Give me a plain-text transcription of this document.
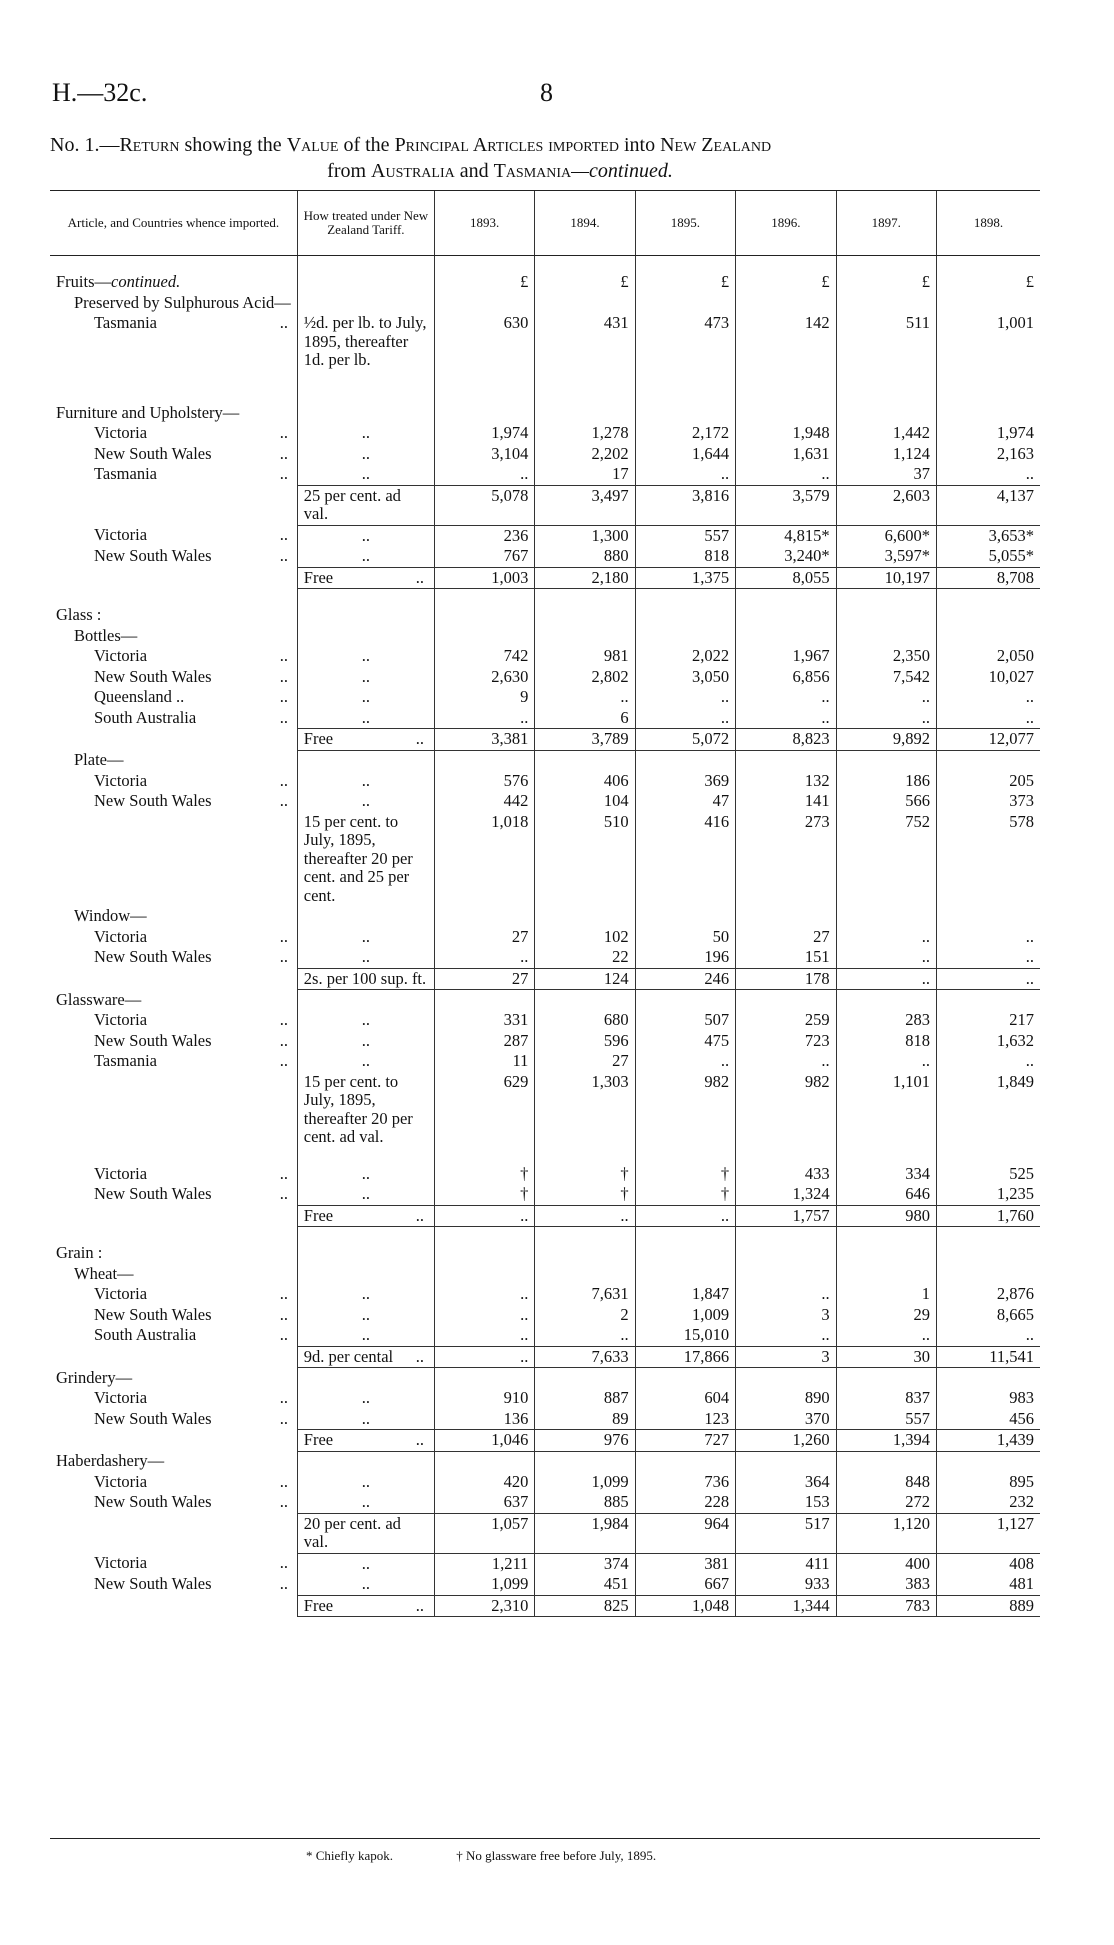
H.—32c.	8
No. 1.—Return showing the Value of the Principal Articles imported into New Zealand
from Australia and Tasmania—continued.
Article, and Countries whence imported.	How treated under New Zealand Tariff.	1893.	1894.	1895.	1896.	1897.	1898.

Fruits—continued.		£	£	£	£	£	£
Preserved by Sulphurous Acid—							
Tasmania ..	½d. per lb. to July, 1895, thereafter 1d. per lb.	630	431	473	142	511	1,001

Furniture and Upholstery—							
Victoria ..	..	1,974	1,278	2,172	1,948	1,442	1,974
New South Wales ..	..	3,104	2,202	1,644	1,631	1,124	2,163
Tasmania ..	..	..	17	..	..	37	..
	25 per cent. ad val.	5,078	3,497	3,816	3,579	2,603	4,137
Victoria ..	..	236	1,300	557	4,815*	6,600*	3,653*
New South Wales ..	..	767	880	818	3,240*	3,597*	5,055*
	Free ..	1,003	2,180	1,375	8,055	10,197	8,708

Glass :							
Bottles—							
Victoria ..	..	742	981	2,022	1,967	2,350	2,050
New South Wales ..	..	2,630	2,802	3,050	6,856	7,542	10,027
Queensland .. ..	..	9	..	..	..	..	..
South Australia ..	..	..	6	..	..	..	..
	Free ..	3,381	3,789	5,072	8,823	9,892	12,077
Plate—							
Victoria ..	..	576	406	369	132	186	205
New South Wales ..	..	442	104	47	141	566	373
	15 per cent. to July, 1895, thereafter 20 per cent. and 25 per cent.	1,018	510	416	273	752	578
Window—							
Victoria ..	..	27	102	50	27	..	..
New South Wales ..	..	..	22	196	151	..	..
	2s. per 100 sup. ft.	27	124	246	178	..	..
Glassware—							
Victoria ..	..	331	680	507	259	283	217
New South Wales ..	..	287	596	475	723	818	1,632
Tasmania ..	..	11	27	..	..	..	..
	15 per cent. to July, 1895, thereafter 20 per cent. ad val.	629	1,303	982	982	1,101	1,849

Victoria ..	..	†	†	†	433	334	525
New South Wales ..	..	†	†	†	1,324	646	1,235
	Free ..	..	..	..	1,757	980	1,760

Grain :							
Wheat—							
Victoria ..	..	..	7,631	1,847	..	1	2,876
New South Wales ..	..	..	2	1,009	3	29	8,665
South Australia ..	..	..	..	15,010	..	..	..
	9d. per cental ..	..	7,633	17,866	3	30	11,541
Grindery—							
Victoria ..	..	910	887	604	890	837	983
New South Wales ..	..	136	89	123	370	557	456
	Free ..	1,046	976	727	1,260	1,394	1,439
Haberdashery—							
Victoria ..	..	420	1,099	736	364	848	895
New South Wales ..	..	637	885	228	153	272	232
	20 per cent. ad val.	1,057	1,984	964	517	1,120	1,127
Victoria ..	..	1,211	374	381	411	400	408
New South Wales ..	..	1,099	451	667	933	383	481
	Free ..	2,310	825	1,048	1,344	783	889
* Chiefly kapok.	† No glassware free before July, 1895.
